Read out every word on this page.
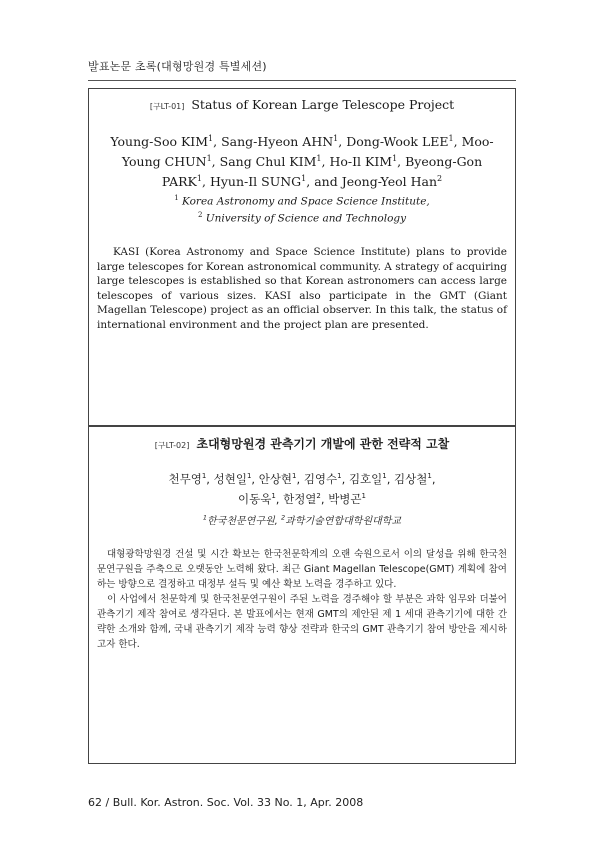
발표논문 초록(대형망원경 특별세션)
[구LT-01] Status of Korean Large Telescope Project
Young-Soo KIM$^1$, Sang-Hyeon AHN$^1$, Dong-Wook LEE$^1$, Moo-Young CHUN$^1$, Sang Chul KIM$^1$, Ho-Il KIM$^1$, Byeong-Gon PARK$^1$, Hyun-Il SUNG$^1$, and Jeong-Yeol Han$^2$
$^1$ Korea Astronomy and Space Science Institute,
$^2$ University of Science and Technology
KASI (Korea Astronomy and Space Science Institute) plans to provide large telescopes for Korean astronomical community. A strategy of acquiring large telescopes is established so that Korean astronomers can access large telescopes of various sizes. KASI also participate in the GMT (Giant Magellan Telescope) project as an official observer. In this talk, the status of international environment and the project plan are presented.
[구LT-02] 초대형망원경 관측기기 개발에 관한 전략적 고찰
천무영$^1$, 성현일$^1$, 안상현$^1$, 김영수$^1$, 김호일$^1$, 김상철$^1$,
이동욱$^1$, 한정열$^2$, 박병곤$^1$
$^1$한국천문연구원, $^2$과학기술연합대학원대학교

대형광학망원경 건설 및 시간 확보는 한국천문학계의 오랜 숙원으로서 이의 달성을 위해 한국천문연구원을 주축으로 오랫동안 노력해 왔다. 최근 Giant Magellan Telescope(GMT) 계획에 참여하는 방향으로 결정하고 대정부 설득 및 예산 확보 노력을 경주하고 있다.

이 사업에서 천문학계 및 한국천문연구원이 주된 노력을 경주해야 할 부분은 과학 임무와 더불어 관측기기 제작 참여로 생각된다. 본 발표에서는 현재 GMT의 제안된 제 1 세대 관측기기에 대한 간략한 소개와 함께, 국내 관측기기 제작 능력 향상 전략과 한국의 GMT 관측기기 참여 방안을 제시하고자 한다.

62 / Bull. Kor. Astron. Soc. Vol. 33 No. 1, Apr. 2008
